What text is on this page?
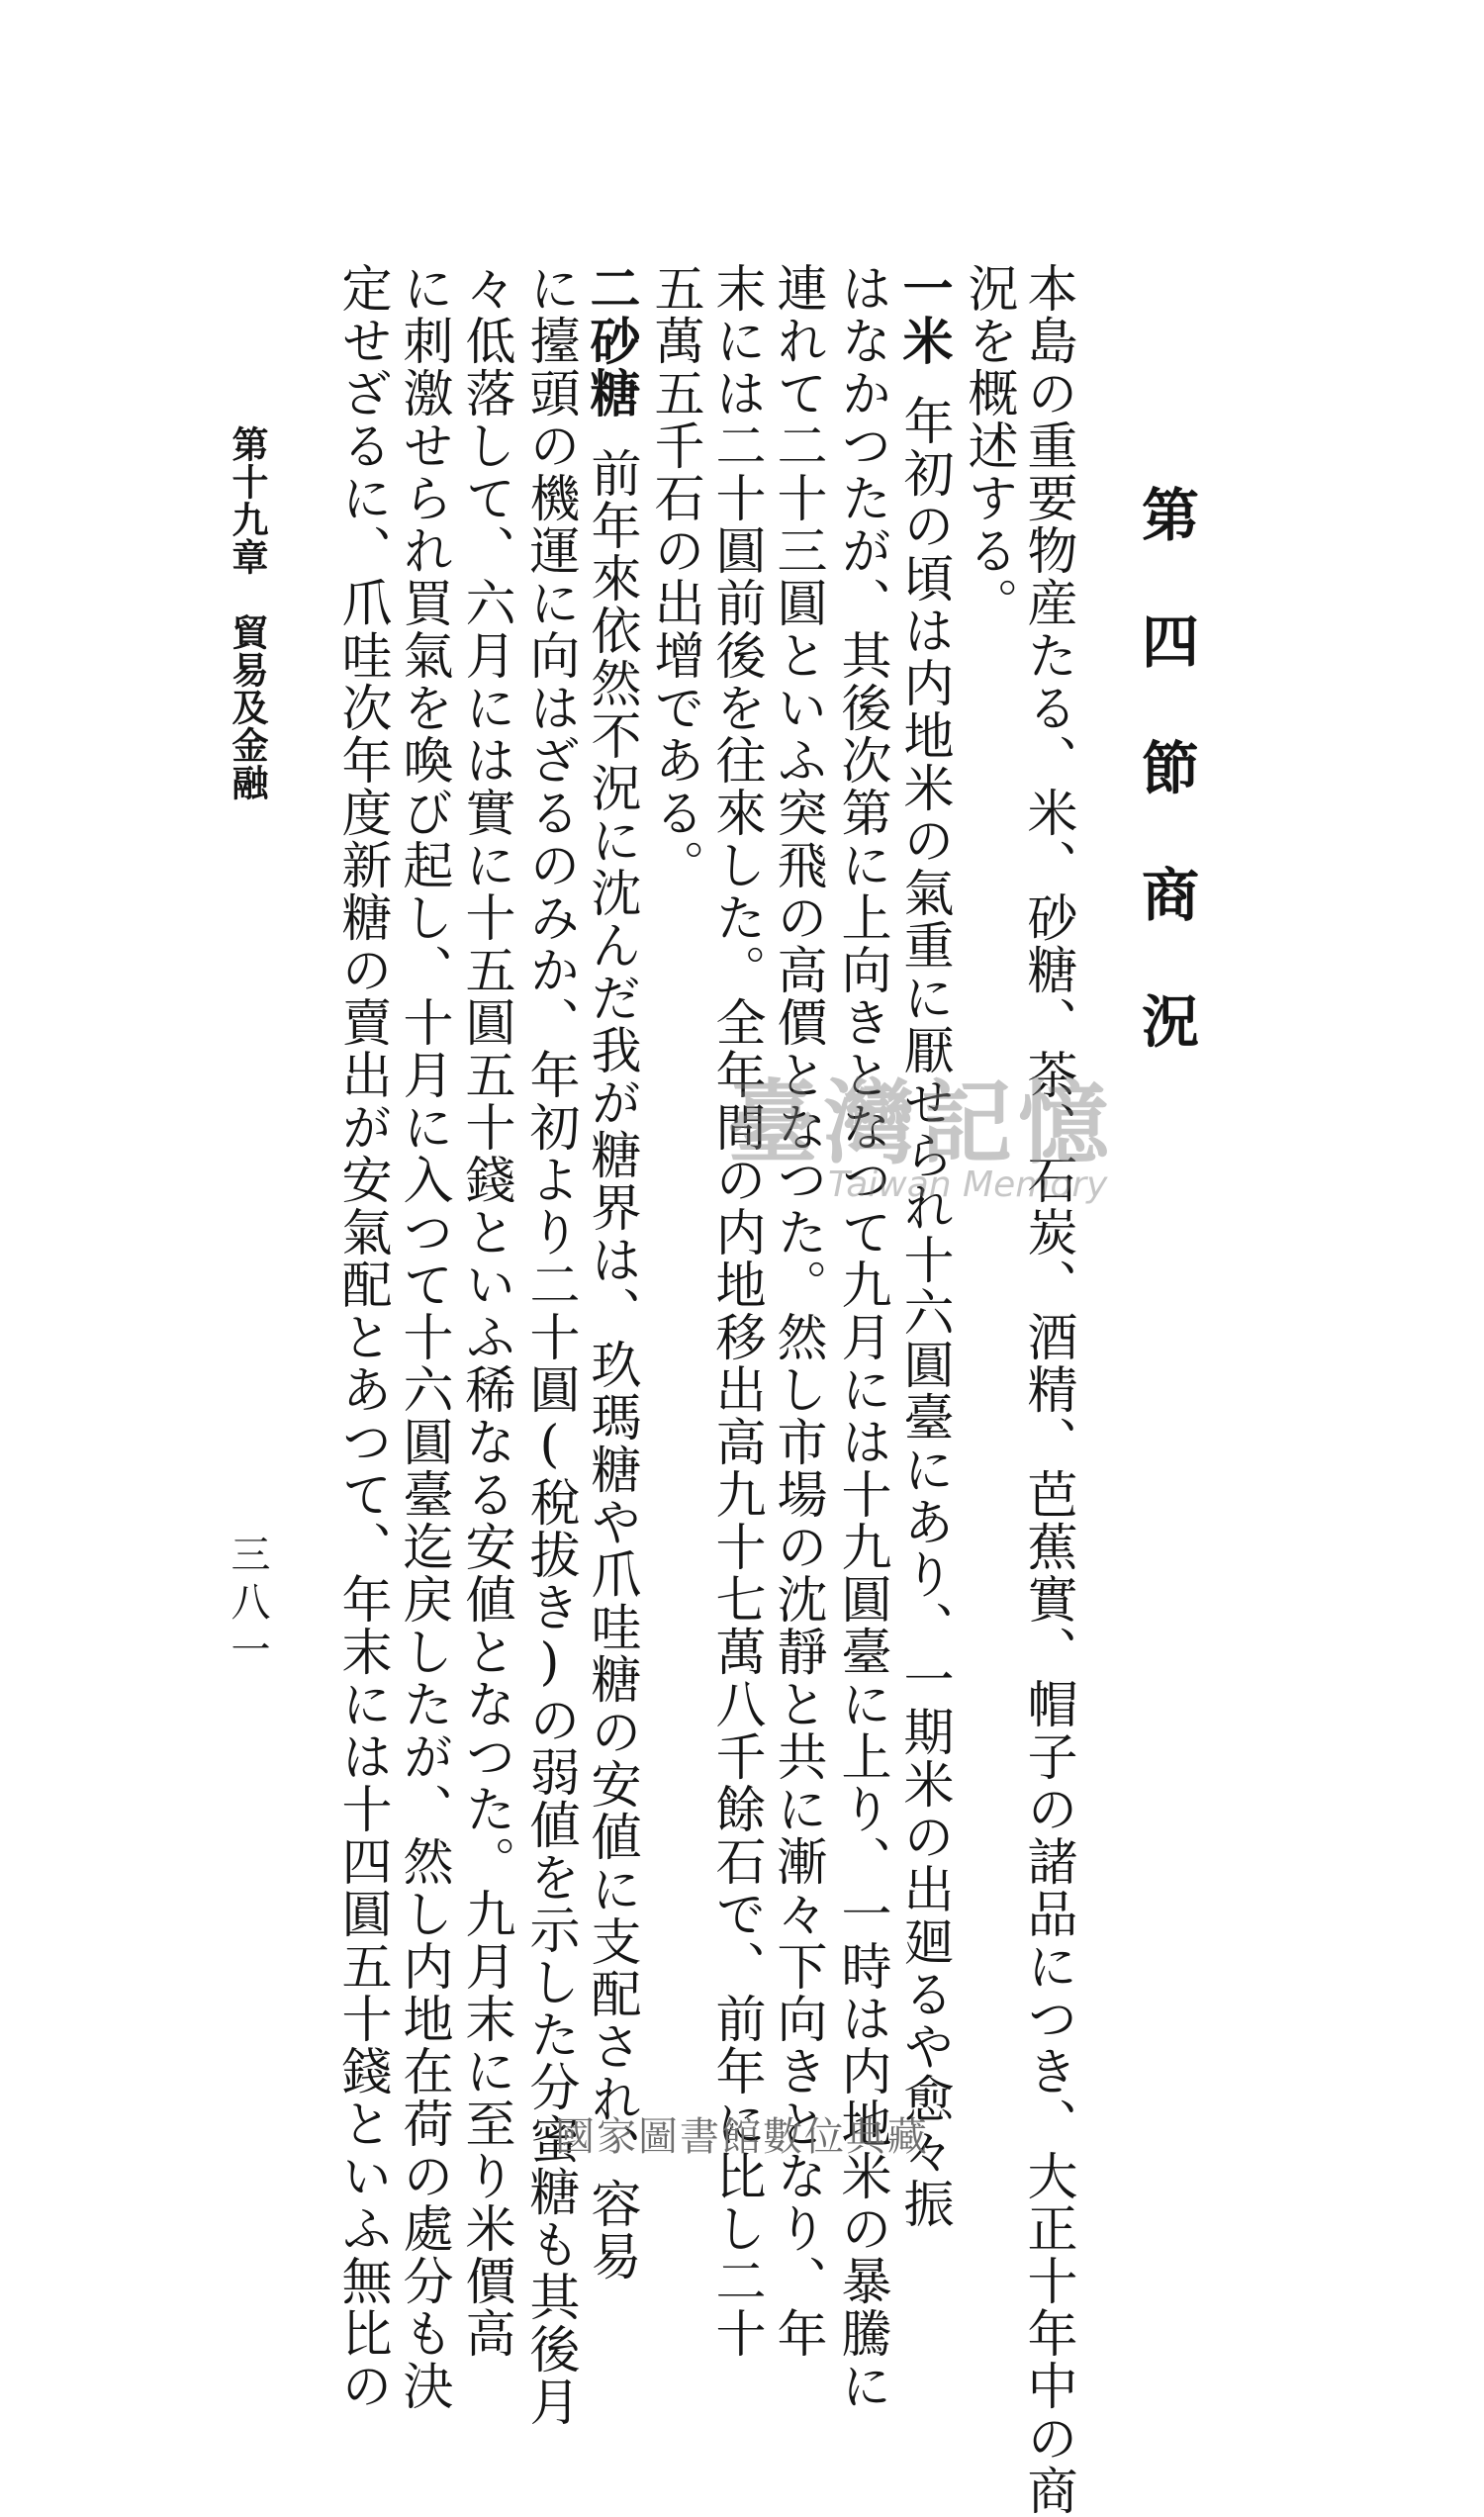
第四節商況
本島の重要物産たる、米、砂糖、茶、石炭、酒精、芭蕉實、帽子の諸品につき、大正十年中の商
況を概述する。
一米年初の頃は内地米の氣重に厭せられ十六圓臺にあり、一期米の出廻るや愈々振
はなかつたが、其後次第に上向きとなつて九月には十九圓臺に上り、一時は内地米の暴騰に
連れて二十三圓といふ突飛の高價となつた。然し市場の沈靜と共に漸々下向きとなり、年
末には二十圓前後を往來した。全年間の内地移出高九十七萬八千餘石で、前年に比し二十
五萬五千石の出增である。
二砂糖前年來依然不況に沈んだ我が糖界は、玖瑪糖や爪哇糖の安値に支配され、容易
に擡頭の機運に向はざるのみか、年初より二十圓(稅拔き)の弱値を示した分蜜糖も其後月
々低落して、六月には實に十五圓五十錢といふ稀なる安値となつた。九月末に至り米價高
に刺激せられ買氣を喚び起し、十月に入つて十六圓臺迄戻したが、然し内地在荷の處分も決
定せざるに、爪哇次年度新糖の賣出が安氣配とあつて、年末には十四圓五十錢といふ無比の
第十九章　貿易及金融
三八一
臺灣記憶
Taiwan Memory
國家圖書館數位典藏
